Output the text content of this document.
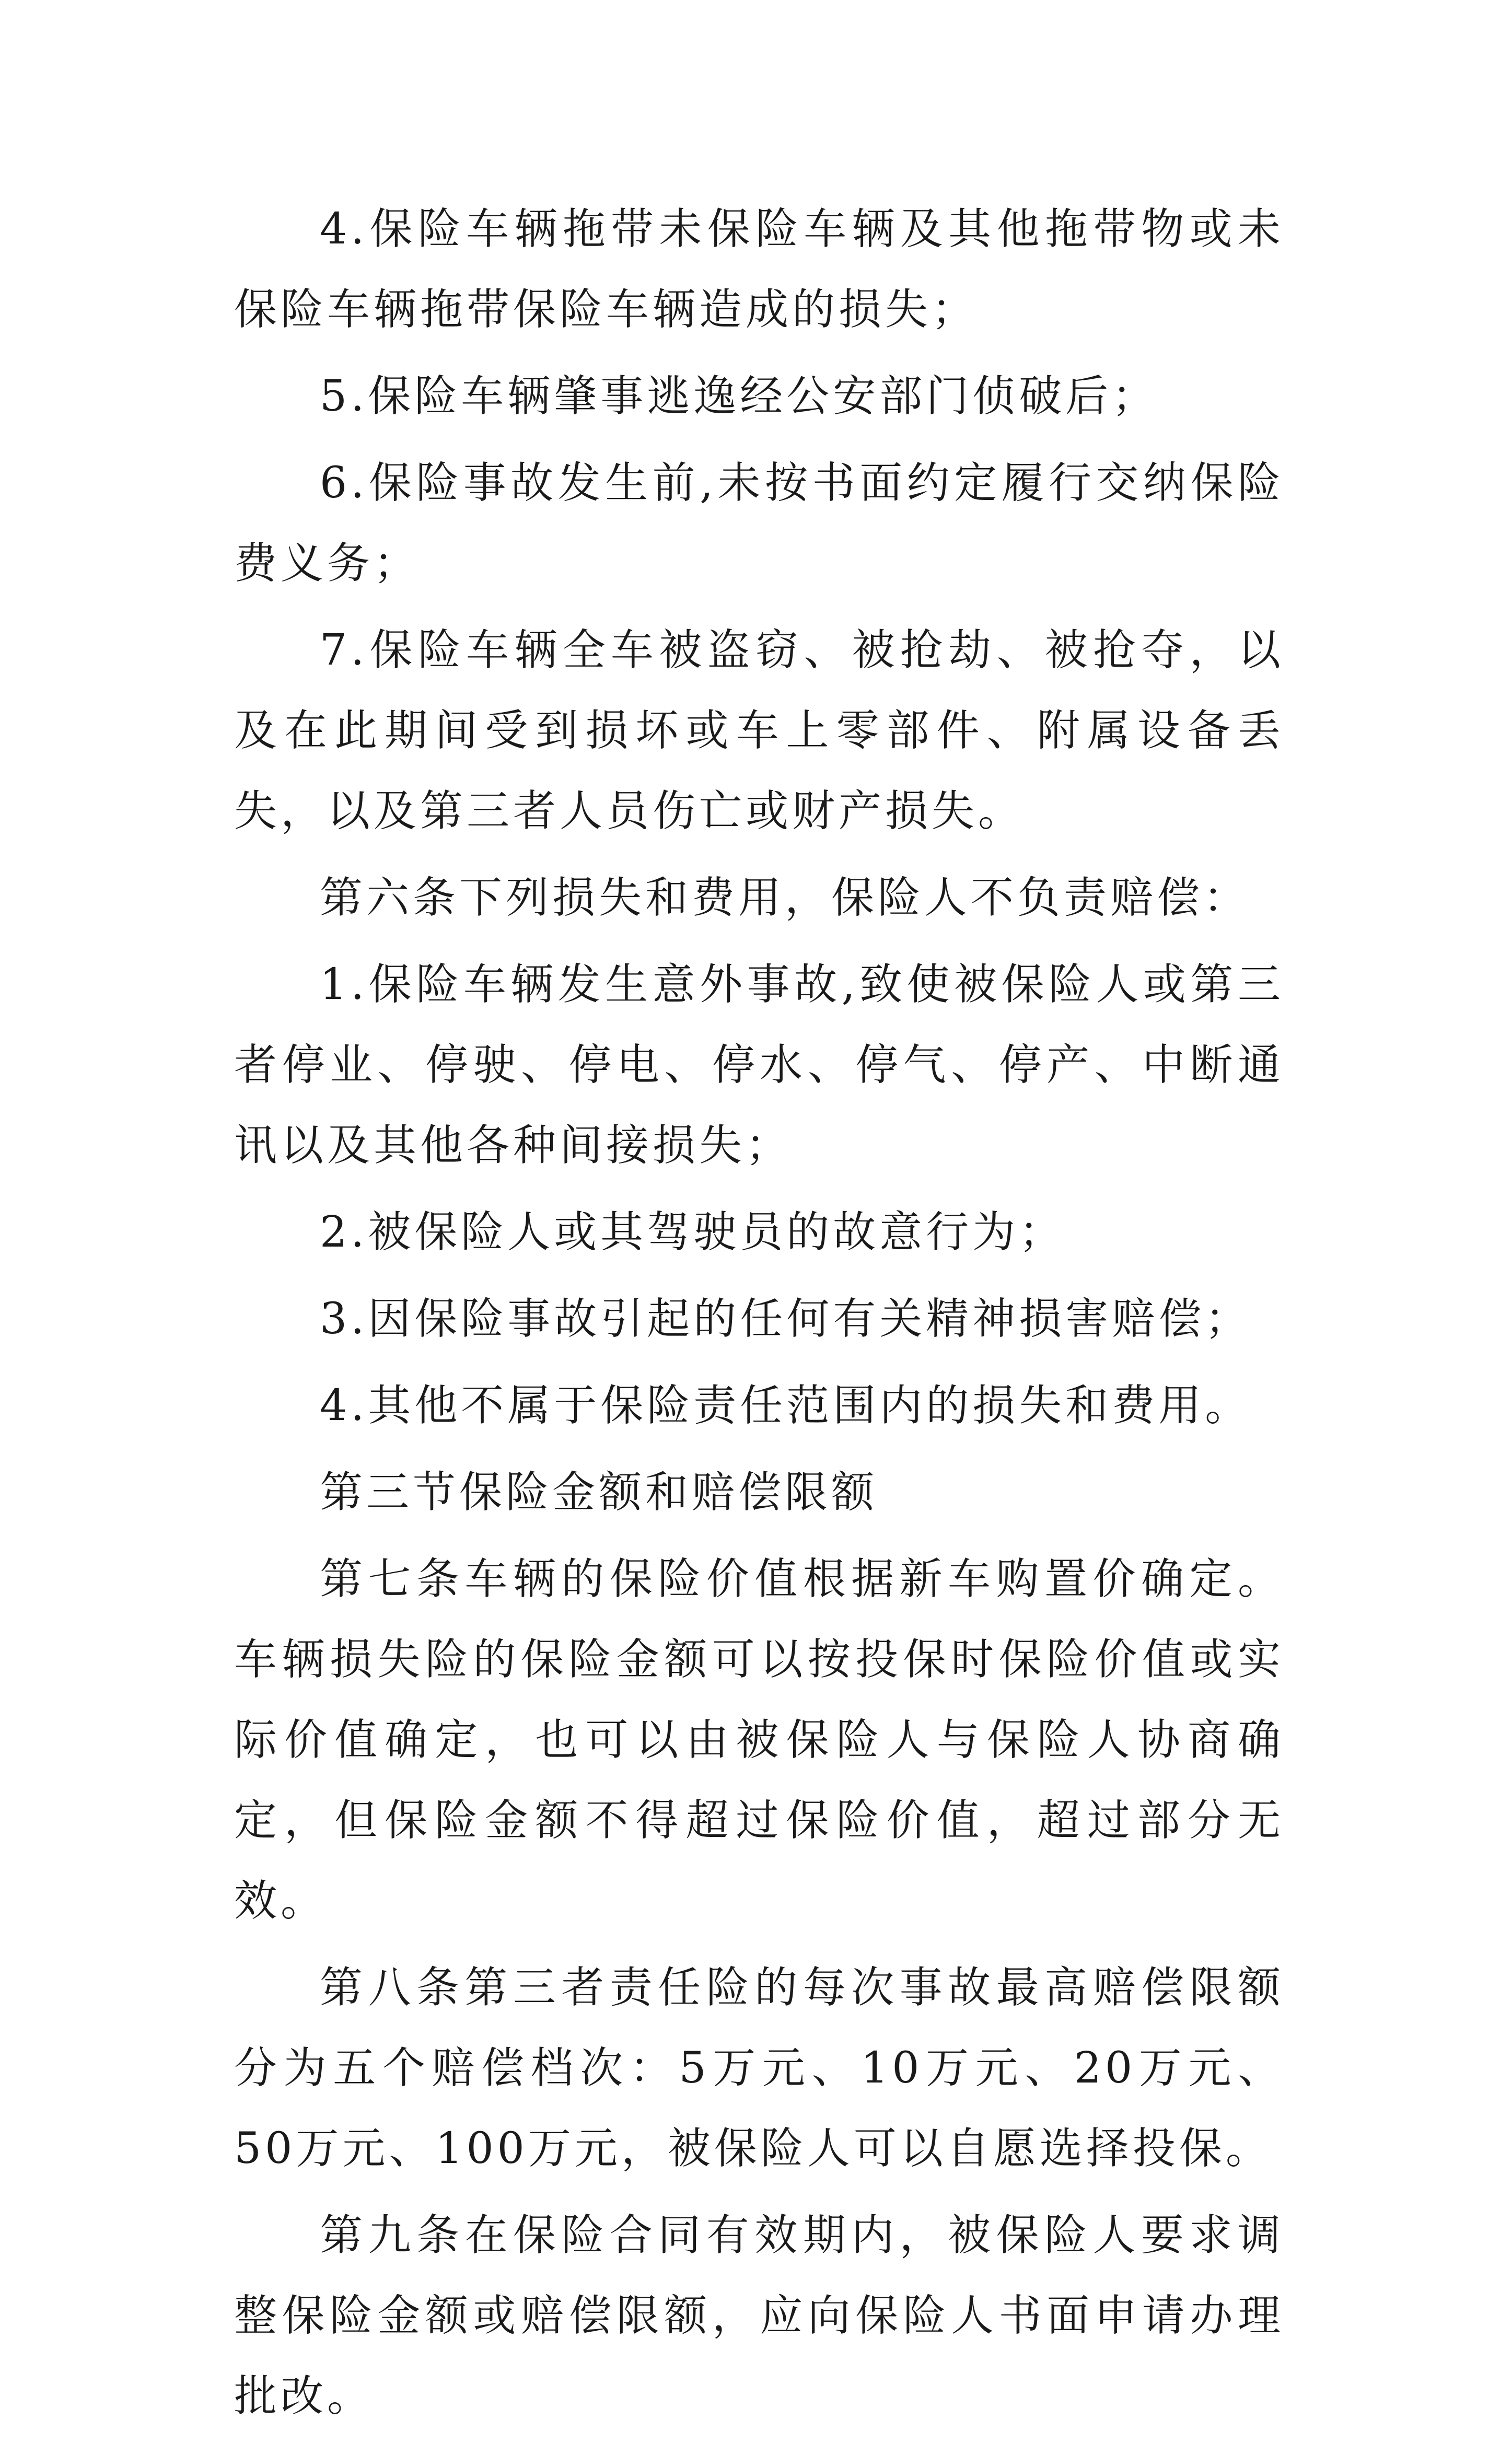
4.保险车辆拖带未保险车辆及其他拖带物或未保险车辆拖带保险车辆造成的损失；

5.保险车辆肇事逃逸经公安部门侦破后；

6.保险事故发生前,未按书面约定履行交纳保险费义务；

7.保险车辆全车被盗窃、被抢劫、被抢夺，以及在此期间受到损坏或车上零部件、附属设备丢失，以及第三者人员伤亡或财产损失。

第六条下列损失和费用，保险人不负责赔偿：

1.保险车辆发生意外事故,致使被保险人或第三者停业、停驶、停电、停水、停气、停产、中断通讯以及其他各种间接损失；

2.被保险人或其驾驶员的故意行为；

3.因保险事故引起的任何有关精神损害赔偿；

4.其他不属于保险责任范围内的损失和费用。

第三节保险金额和赔偿限额

第七条车辆的保险价值根据新车购置价确定。车辆损失险的保险金额可以按投保时保险价值或实际价值确定，也可以由被保险人与保险人协商确定，但保险金额不得超过保险价值，超过部分无效。

第八条第三者责任险的每次事故最高赔偿限额分为五个赔偿档次：5万元、10万元、20万元、50万元、100万元，被保险人可以自愿选择投保。

第九条在保险合同有效期内，被保险人要求调整保险金额或赔偿限额，应向保险人书面申请办理批改。
